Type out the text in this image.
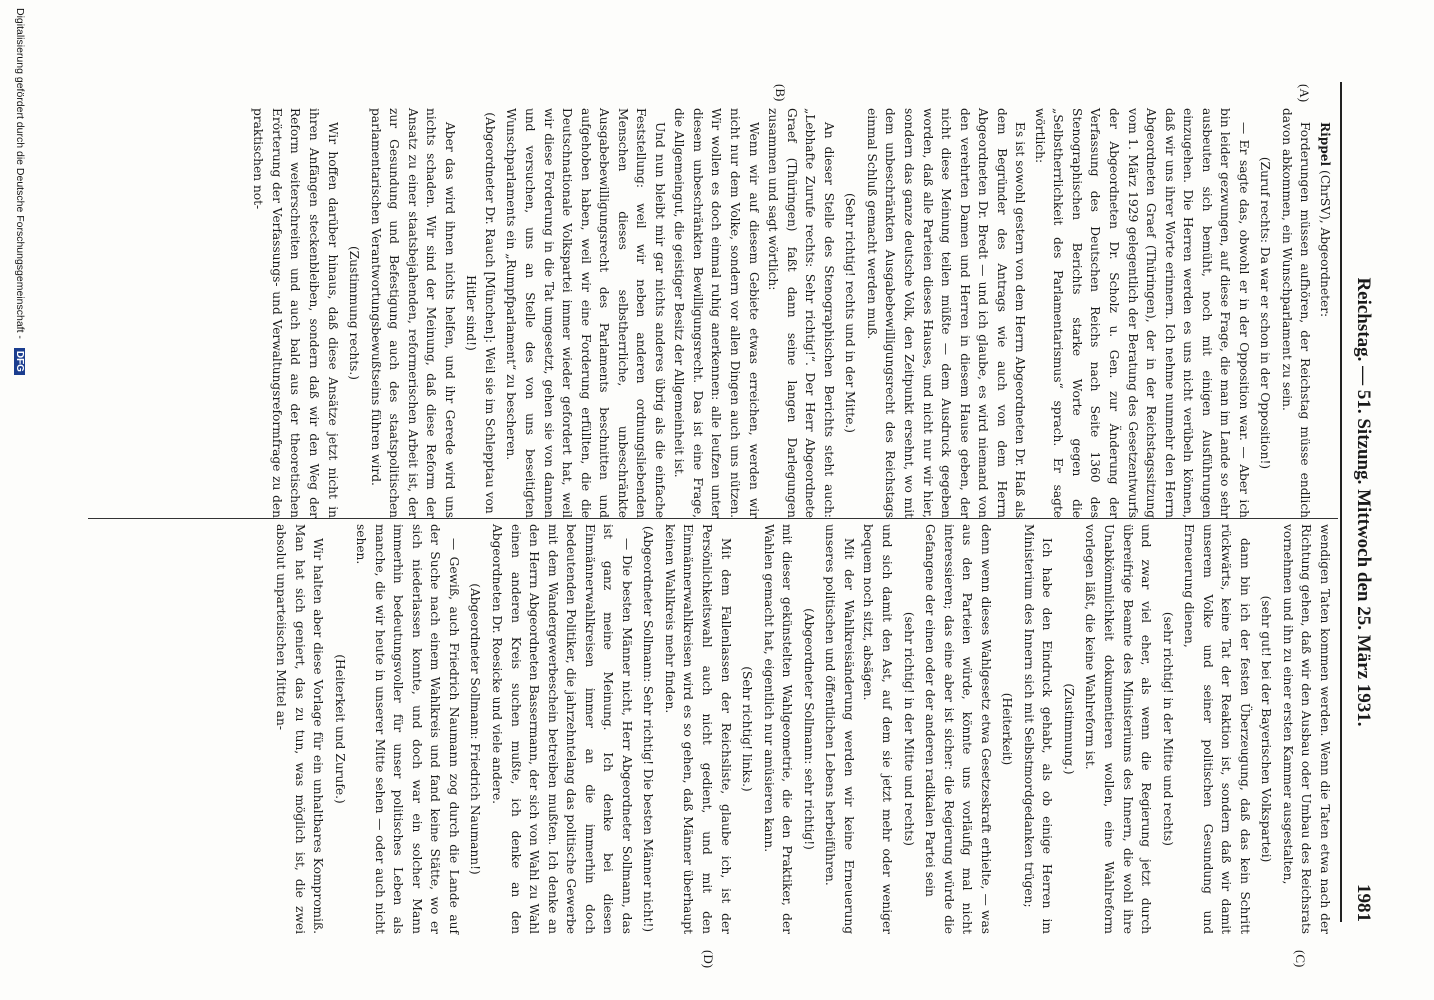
Reichstag. — 51. Sitzung. Mittwoch den 25. März 1931.
1981
(A)
(B)
(C)
(D)

Rippel (ChrSV), Abgeordneter:

Forderungen müssen aufhören, der Reichstag müsse endlich davon abkommen, ein Wunschparlament zu sein.

(Zuruf rechts: Da war er schon in der Opposition!)

— Er sagte das, obwohl er in der Opposition war. — Aber ich bin leider gezwungen, auf diese Frage, die man im Lande so sehr ausbeuten sich bemüht, noch mit einigen Ausführungen einzugehen. Die Herren werden es uns nicht verübeln können, daß wir uns ihrer Worte erinnern. Ich nehme nunmehr den Herrn Abgeordneten Graef (Thüringen), der in der Reichstagssitzung vom 1. März 1929 gelegentlich der Beratung des Gesetzentwurfs der Abgeordneten Dr. Scholz u. Gen. zur Änderung der Verfassung des Deutschen Reichs nach Seite 1360 des Stenographischen Berichts starke Worte gegen die „Selbstherrlichkeit des Parlamentarismus“ sprach. Er sagte wörtlich:

Es ist sowohl gestern von dem Herrn Abgeordneten Dr. Haß als dem Begründer des Antrags wie auch von dem Herrn Abgeordneten Dr. Bredt — und ich glaube, es wird niemand von den verehrten Damen und Herren in diesem Hause geben, der nicht diese Meinung teilen müßte — dem Ausdruck gegeben worden, daß alle Parteien dieses Hauses, und nicht nur wir hier, sondern das ganze deutsche Volk, den Zeitpunkt ersehnt, wo mit dem unbeschränkten Ausgabebewilligungsrecht des Reichstags einmal Schluß gemacht werden muß.

(Sehr richtig! rechts und in der Mitte.)

An dieser Stelle des Stenographischen Berichts steht auch: „Lebhafte Zurufe rechts: Sehr richtig!“. Der Herr Abgeordnete Graef (Thüringen) faßt dann seine langen Darlegungen zusammen und sagt wörtlich:

Wenn wir auf diesem Gebiete etwas erreichen, werden wir nicht nur dem Volke, sondern vor allen Dingen auch uns nützen. Wir wollen es doch einmal ruhig anerkennen: alle leufzen unter diesem unbeschränkten Bewilligungsrecht. Das ist eine Frage, die Allgemeingut, die geistiger Besitz der Allgemeinheit ist.

Und nun bleibt mir gar nichts anderes übrig als die einfache Feststellung: weil wir neben anderen ordnungsliebenden Menschen dieses selbstherrliche, unbeschränkte Ausgabebewilligungsrecht des Parlaments beschnitten und aufgehoben haben, weil wir eine Forderung erfüllten, die die Deutschnationale Volkspartei immer wieder gefordert hat, weil wir diese Forderung in die Tat umgesetzt, gehen sie von dannen und versuchen, uns an Stelle des von uns beseitigten Wunschparlaments ein „Rumpfparlament“ zu bescheren.

(Abgeordneter Dr. Rauch [München]: Weil sie im Schlepptau von Hitler sind!)

Aber das wird ihnen nichts helfen, und ihr Gerede wird uns nichts schaden. Wir sind der Meinung, daß diese Reform der Ansatz zu einer staatsbejahenden, reformerischen Arbeit ist, der zur Gesundung und Befestigung auch des staatspolitischen parlamentarischen Verantwortungsbewußtseins führen wird.

(Zustimmung rechts.)

Wir hoffen darüber hinaus, daß diese Ansätze jetzt nicht in ihren Anfängen steckenbleiben, sondern daß wir den Weg der Reform weiterschreiten und auch bald aus der theoretischen Erörterung der Verfassungs- und Verwaltungsreformfrage zu den praktischen not-

wendigen Taten kommen werden. Wenn die Taten etwa nach der Richtung gehen, daß wir den Ausbau oder Umbau des Reichsrats vornehmen und ihn zu einer ersten Kammer ausgestalten,

(sehr gut! bei der Bayerischen Volkspartei)

dann bin ich der festen Überzeugung, daß das kein Schritt rückwärts, keine Tat der Reaktion ist, sondern daß wir damit unserem Volke und seiner politischen Gesundung und Erneuerung dienen,

(sehr richtig! in der Mitte und rechts)

und zwar viel eher, als wenn die Regierung jetzt durch übereifrige Beamte des Ministeriums des Innern, die wohl ihre Unabkömmlichkeit dokumentieren wollen, eine Wahlreform vorlegen läßt, die keine Wahlreform ist.

(Zustimmung.)

Ich habe den Eindruck gehabt, als ob einige Herren im Ministerium des Innern sich mit Selbstmordgedanken trügen;

(Heiterkeit)

denn wenn dieses Wahlgesetz etwa Gesetzeskraft erhielte, — was aus den Parteien würde, könnte uns vorläufig mal nicht interessieren; das eine aber ist sicher: die Regierung würde die Gefangene der einen oder der anderen radikalen Partei sein

(sehr richtig! in der Mitte und rechts)

und sich damit den Ast, auf dem sie jetzt mehr oder weniger bequem noch sitzt, absägen.

Mit der Wahlkreisänderung werden wir keine Erneuerung unseres politischen und öffentlichen Lebens herbeiführen.

(Abgeordneter Sollmann: sehr richtig!)

mit dieser gekünstelten Wahlgeometrie, die den Praktiker, der Wahlen gemacht hat, eigentlich nur amüsieren kann.

(Sehr richtig! links.)

Mit dem Fallenlassen der Reichsliste, glaube ich, ist der Persönlichkeitswahl auch nicht gedient, und mit den Einmännerwahlkreisen wird es so gehen, daß Männer überhaupt keinen Wahlkreis mehr finden.

(Abgeordneter Sollmann: Sehr richtig! Die besten Männer nicht!)

— Die besten Männer nicht, Herr Abgeordneter Sollmann, das ist ganz meine Meinung. Ich denke bei diesen Einmännerwahlkreisen immer an die immerhin doch bedeutenden Politiker, die jahrzehntelang das politische Gewerbe mit dem Wandergewerbeschein betreiben mußten. Ich denke an den Herrn Abgeordneten Bassermann, der sich von Wahl zu Wahl einen anderen Kreis suchen mußte, ich denke an den Abgeordneten Dr. Roesicke und viele andere.

(Abgeordneter Sollmann: Friedrich Naumann!)

— Gewiß, auch Friedrich Naumann zog durch die Lande auf der Suche nach einem Wahlkreis und fand keine Stätte, wo er sich niederlassen konnte, und doch war ein solcher Mann immerhin bedeutungsvoller für unser politisches Leben als manche, die wir heute in unserer Mitte sehen — oder auch nicht sehen.

(Heiterkeit und Zurufe.)

Wir halten aber diese Vorlage für ein unhaltbares Kompromiß. Man hat sich geniert, das zu tun, was möglich ist, die zwei absolut unparteiischen Mittel an-

Digitalisierung gefördert durch die Deutsche Forschungsgemeinschaft - DFG
